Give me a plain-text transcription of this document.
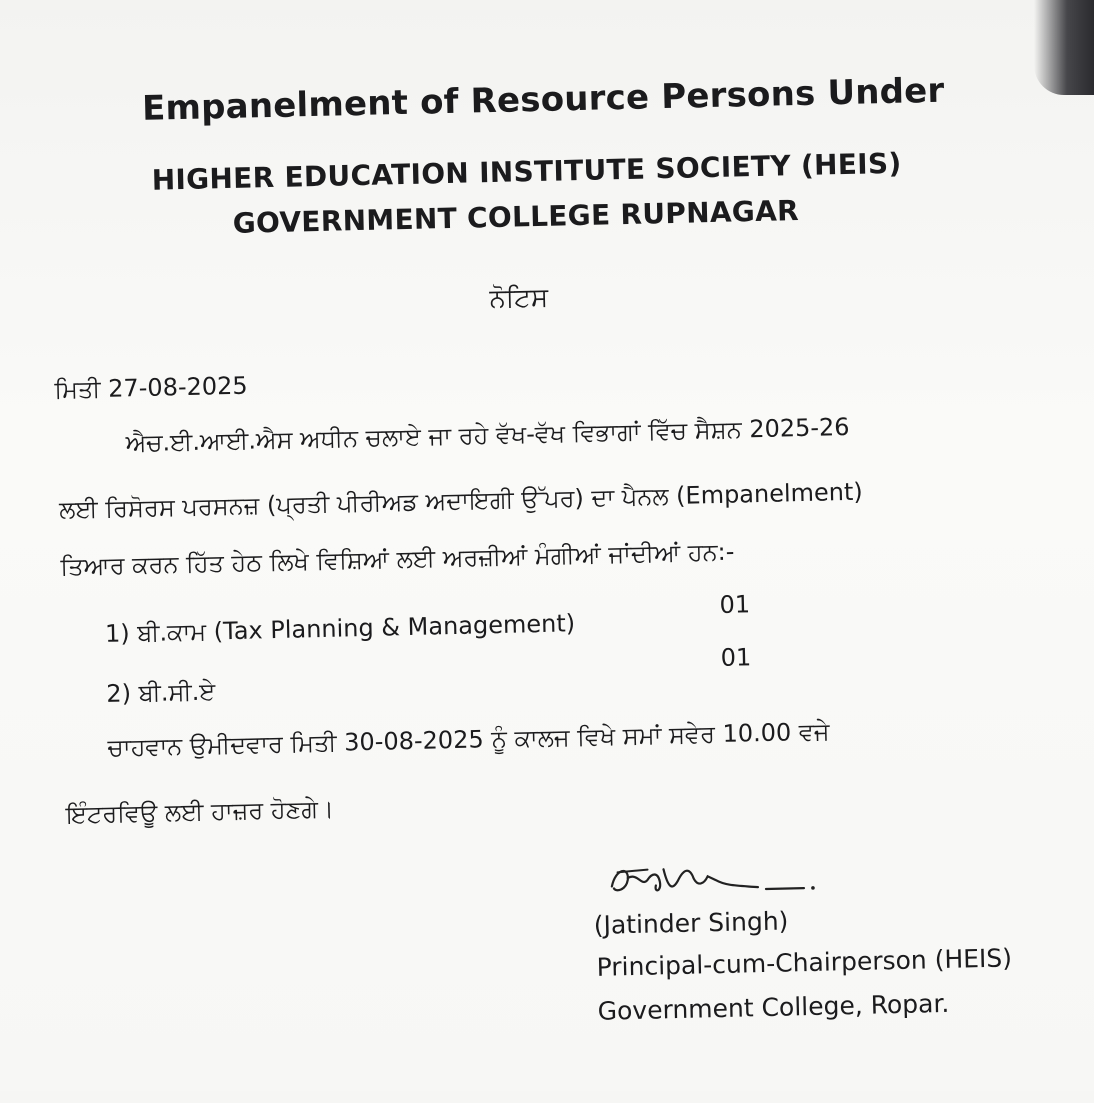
Empanelment of Resource Persons Under
HIGHER EDUCATION INSTITUTE SOCIETY (HEIS)
GOVERNMENT COLLEGE RUPNAGAR
ਨੋਟਿਸ
ਮਿਤੀ 27-08-2025
ਐਚ.ਈ.ਆਈ.ਐਸ ਅਧੀਨ ਚਲਾਏ ਜਾ ਰਹੇ ਵੱਖ-ਵੱਖ ਵਿਭਾਗਾਂ ਵਿੱਚ ਸੈਸ਼ਨ 2025-26
ਲਈ ਰਿਸੋਰਸ ਪਰਸਨਜ਼ (ਪ੍ਰਤੀ ਪੀਰੀਅਡ ਅਦਾਇਗੀ ਉੱਪਰ) ਦਾ ਪੈਨਲ (Empanelment)
ਤਿਆਰ ਕਰਨ ਹਿੱਤ ਹੇਠ ਲਿਖੇ ਵਿਸ਼ਿਆਂ ਲਈ ਅਰਜ਼ੀਆਂ ਮੰਗੀਆਂ ਜਾਂਦੀਆਂ ਹਨ:-
1) ਬੀ.ਕਾਮ (Tax Planning & Management)
01
2) ਬੀ.ਸੀ.ਏ
01
ਚਾਹਵਾਨ ਉਮੀਦਵਾਰ ਮਿਤੀ 30-08-2025 ਨੂੰ ਕਾਲਜ ਵਿਖੇ ਸਮਾਂ ਸਵੇਰ 10.00 ਵਜੇ
ਇੰਟਰਵਿਊ ਲਈ ਹਾਜ਼ਰ ਹੋਣਗੇ।
(Jatinder Singh)
Principal-cum-Chairperson (HEIS)
Government College, Ropar.
